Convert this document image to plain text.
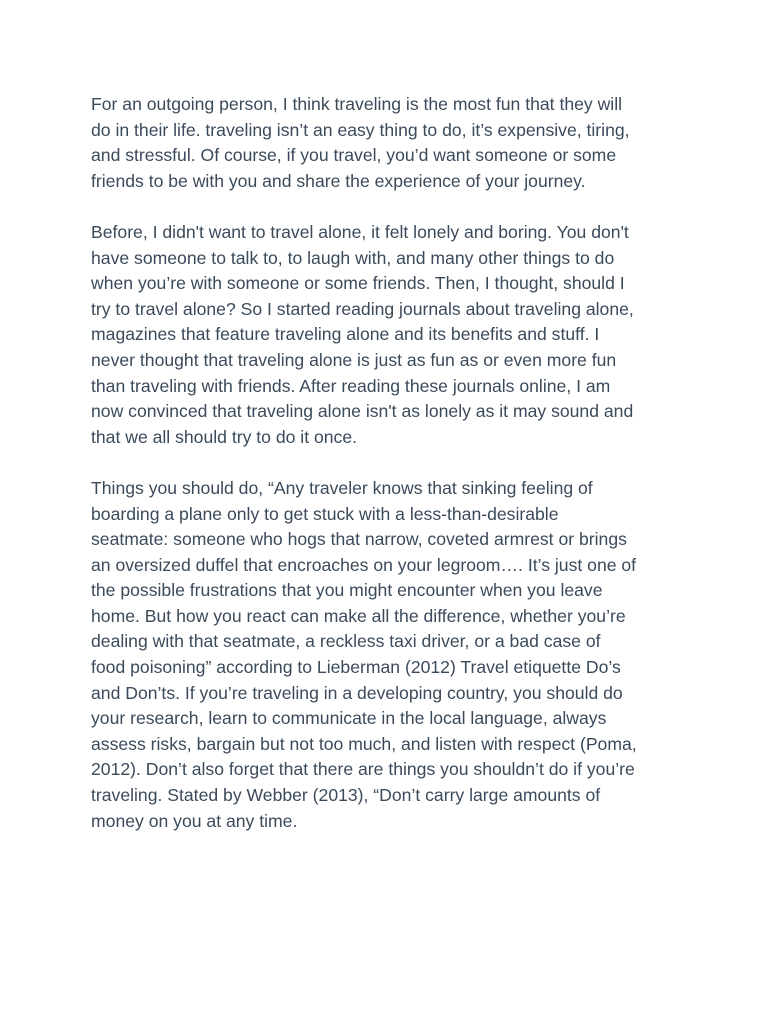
For an outgoing person, I think traveling is the most fun that they will
do in their life. traveling isn’t an easy thing to do, it’s expensive, tiring,
and stressful. Of course, if you travel, you’d want someone or some
friends to be with you and share the experience of your journey.

Before, I didn't want to travel alone, it felt lonely and boring. You don't
have someone to talk to, to laugh with, and many other things to do
when you’re with someone or some friends. Then, I thought, should I
try to travel alone? So I started reading journals about traveling alone,
magazines that feature traveling alone and its benefits and stuff. I
never thought that traveling alone is just as fun as or even more fun
than traveling with friends. After reading these journals online, I am
now convinced that traveling alone isn't as lonely as it may sound and
that we all should try to do it once.

Things you should do, “Any traveler knows that sinking feeling of
boarding a plane only to get stuck with a less-than-desirable
seatmate: someone who hogs that narrow, coveted armrest or brings
an oversized duffel that encroaches on your legroom…. It’s just one of
the possible frustrations that you might encounter when you leave
home. But how you react can make all the difference, whether you’re
dealing with that seatmate, a reckless taxi driver, or a bad case of
food poisoning” according to Lieberman (2012) Travel etiquette Do’s
and Don’ts. If you’re traveling in a developing country, you should do
your research, learn to communicate in the local language, always
assess risks, bargain but not too much, and listen with respect (Poma,
2012). Don’t also forget that there are things you shouldn’t do if you’re
traveling. Stated by Webber (2013), “Don’t carry large amounts of
money on you at any time.
